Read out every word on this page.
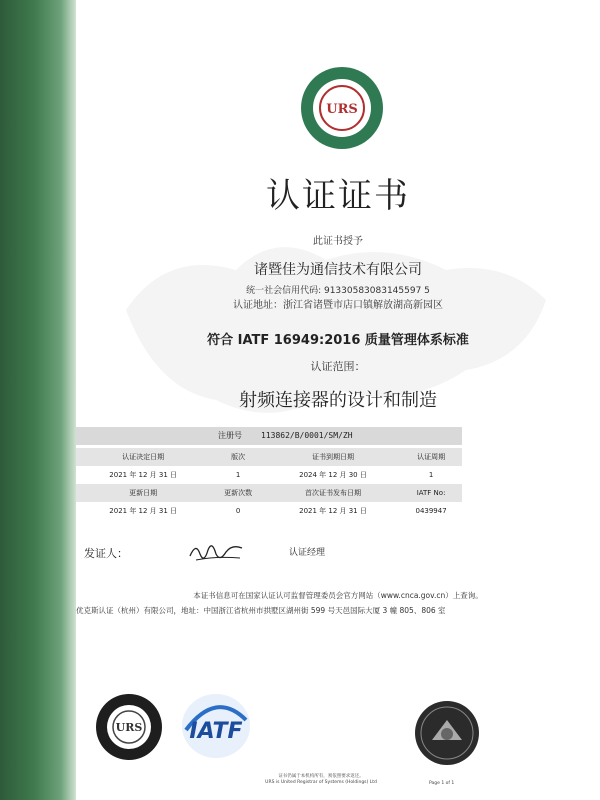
URS
认证证书
此证书授予
诸暨佳为通信技术有限公司
统一社会信用代码: 91330583083145597 5
认证地址：浙江省诸暨市店口镇解放湖高新园区
符合 IATF 16949:2016 质量管理体系标准
认证范围：
射频连接器的设计和制造
注册号 113862/B/0001/SM/ZH
认证决定日期	版次	证书到期日期	认证周期
2021 年 12 月 31 日	1	2024 年 12 月 30 日	1
更新日期	更新次数	首次证书发布日期	IATF No:
2021 年 12 月 31 日	0	2021 年 12 月 31 日	0439947
发证人：	认证经理
本证书信息可在国家认证认可监督管理委员会官方网站（www.cnca.gov.cn）上查询。
优克斯认证（杭州）有限公司，地址：中国浙江省杭州市拱墅区湖州街 599 号天邑国际大厦 3 幢 805、806 室
URS IATF
证书仍属于本机构所有，须依照要求返还。
URS is United Registrar of Systems (Holdings) Ltd	Page 1 of 1
